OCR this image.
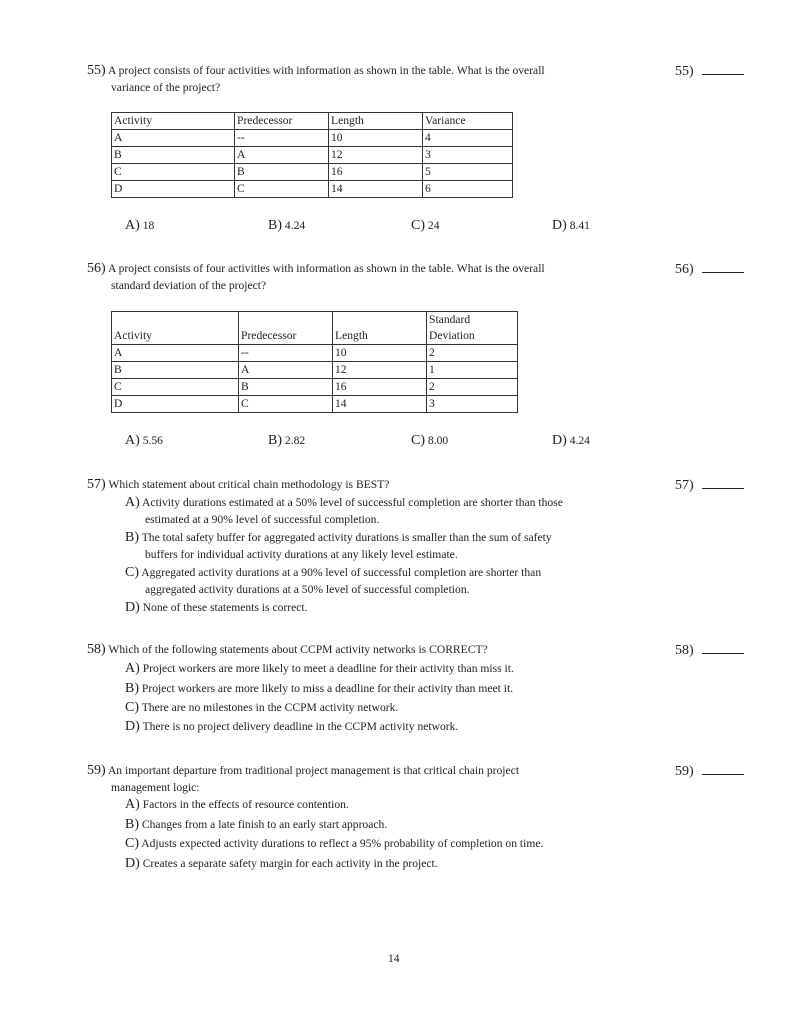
55) A project consists of four activities with information as shown in the table. What is the overall
variance of the project?
55)
Activity	Predecessor	Length	Variance
A	--	10	4
B	A	12	3
C	B	16	5
D	C	14	6
A) 18	B) 4.24	C) 24	D) 8.41
56) A project consists of four activities with information as shown in the table. What is the overall
standard deviation of the project?
56)
Activity	Predecessor	Length	Standard
Deviation

A	--	10	2
B	A	12	1
C	B	16	2
D	C	14	3
A) 5.56	B) 2.82	C) 8.00	D) 4.24
57) Which statement about critical chain methodology is BEST?	57)
A) Activity durations estimated at a 50% level of successful completion are shorter than those
estimated at a 90% level of successful completion.
B) The total safety buffer for aggregated activity durations is smaller than the sum of safety
buffers for individual activity durations at any likely level estimate.
C) Aggregated activity durations at a 90% level of successful completion are shorter than
aggregated activity durations at a 50% level of successful completion.
D) None of these statements is correct.
58) Which of the following statements about CCPM activity networks is CORRECT?	58)
A) Project workers are more likely to meet a deadline for their activity than miss it.
B) Project workers are more likely to miss a deadline for their activity than meet it.
C) There are no milestones in the CCPM activity network.
D) There is no project delivery deadline in the CCPM activity network.
59) An important departure from traditional project management is that critical chain project
management logic:
59)
A) Factors in the effects of resource contention.
B) Changes from a late finish to an early start approach.
C) Adjusts expected activity durations to reflect a 95% probability of completion on time.
D) Creates a separate safety margin for each activity in the project.
14
